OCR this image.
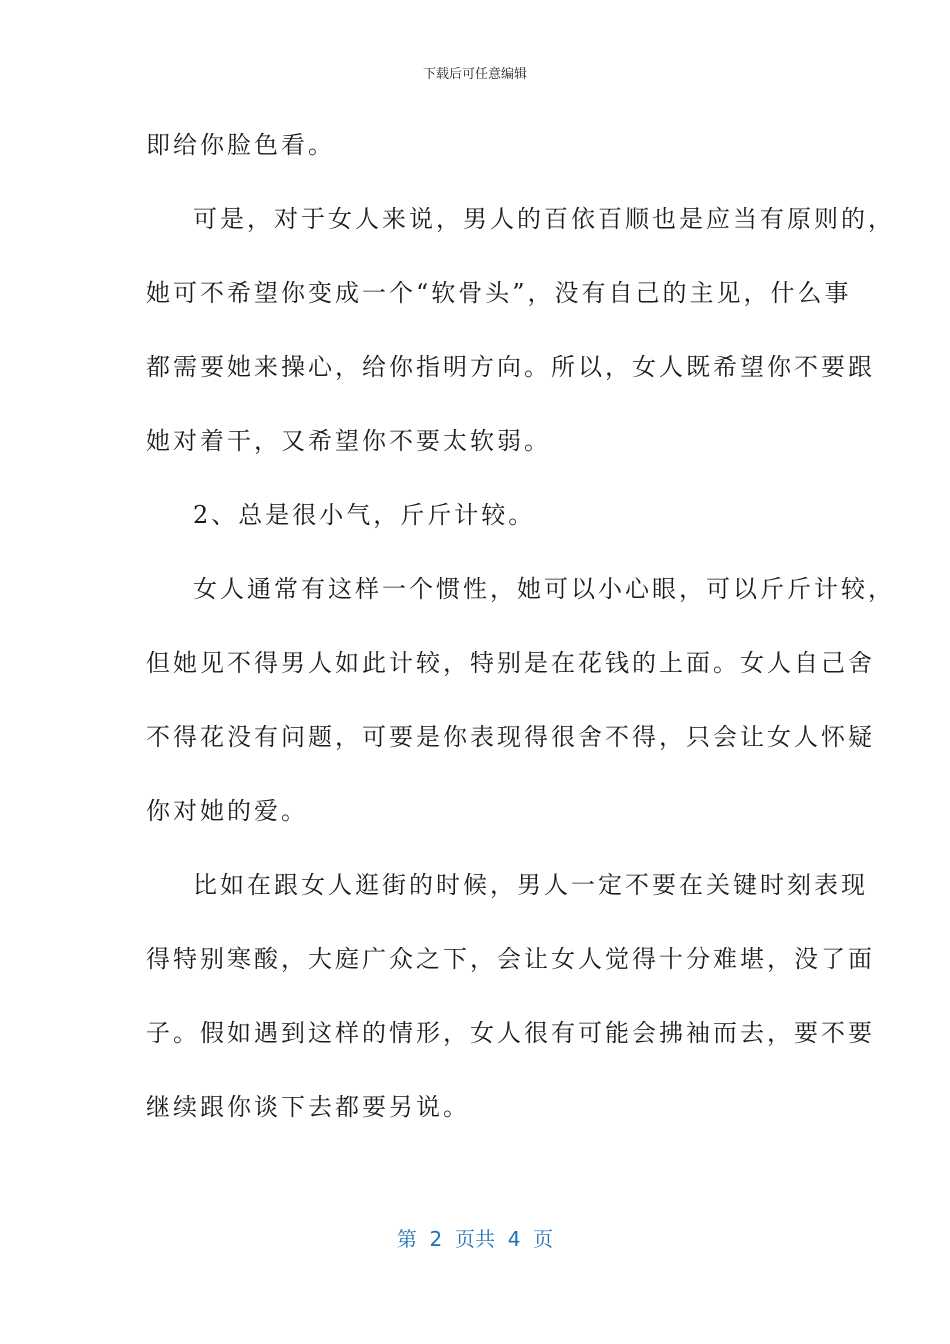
下载后可任意编辑
即给你脸色看。
可是，对于女人来说，男人的百依百顺也是应当有原则的，
她可不希望你变成一个“软骨头”，没有自己的主见，什么事
都需要她来操心，给你指明方向。所以，女人既希望你不要跟
她对着干，又希望你不要太软弱。
2、总是很小气，斤斤计较。
女人通常有这样一个惯性，她可以小心眼，可以斤斤计较，
但她见不得男人如此计较，特别是在花钱的上面。女人自己舍
不得花没有问题，可要是你表现得很舍不得，只会让女人怀疑
你对她的爱。
比如在跟女人逛街的时候，男人一定不要在关键时刻表现
得特别寒酸，大庭广众之下，会让女人觉得十分难堪，没了面
子。假如遇到这样的情形，女人很有可能会拂袖而去，要不要
继续跟你谈下去都要另说。
第  2  页共  4  页
